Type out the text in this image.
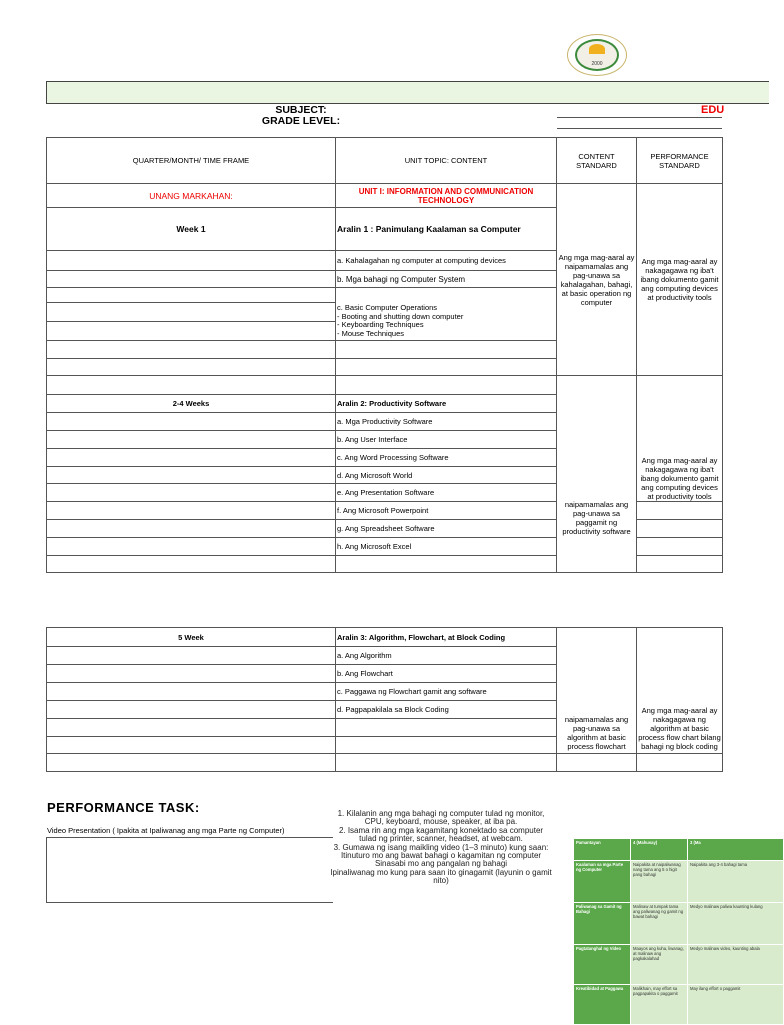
2000
EDU
SUBJECT:
GRADE LEVEL:
QUARTER/MONTH/ TIME FRAME	UNIT TOPIC: CONTENT	CONTENT STANDARD	PERFORMANCE STANDARD
UNANG MARKAHAN:	UNIT I: INFORMATION AND COMMUNICATION TECHNOLOGY	Ang mga mag-aaral ay naipamamalas ang pag-unawa sa kahalagahan, bahagi, at basic operation ng computer	Ang mga mag-aaral ay nakagagawa ng iba't ibang dokumento gamit ang computing devices at productivity tools
Week 1	Aralin 1 : Panimulang Kaalaman sa Computer		
	a. Kahalagahan ng computer at computing devices		
	b. Mga bahagi ng Computer System		

	c. Basic Computer Operations
- Booting and shutting down computer
- Keyboarding Techniques
- Mouse Techniques		

		naipamamalas ang pag-unawa sa paggamit ng productivity software	Ang mga mag-aaral ay nakagagawa ng iba't ibang dokumento gamit ang computing devices at productivity tools
2-4 Weeks	Aralin 2: Productivity Software		
	a. Mga Productivity Software		
	b. Ang User Interface		
	c. Ang Word Processing Software		
	d. Ang Microsoft World		
	e. Ang Presentation Software		
	f. Ang Microsoft Powerpoint		
	g. Ang Spreadsheet Software		
	h. Ang Microsoft Excel		

5 Week	Aralin 3: Algorithm, Flowchart, at Block Coding	naipamamalas ang pag-unawa sa algorithm at basic process flowchart	Ang mga mag-aaral ay nakagagawa ng algorithm at basic process flow chart bilang bahagi ng block coding
	a. Ang Algorithm		
	b. Ang Flowchart		
	c. Paggawa ng Flowchart gamit ang software		
	d. Pagpapakilala sa Block Coding		

PERFORMANCE TASK:
Video Presentation ( Ipakita at Ipaliwanag ang mga Parte ng Computer)
1. Kilalanin ang mga bahagi ng computer tulad ng monitor, CPU, keyboard, mouse, speaker, at iba pa.
2. Isama rin ang mga kagamitang konektado sa computer tulad ng printer, scanner, headset, at webcam.
3. Gumawa ng isang maikling video (1–3 minuto) kung saan:
Itinuturo mo ang bawat bahagi o kagamitan ng computer
Sinasabi mo ang pangalan ng bahagi
Ipinaliwanag mo kung para saan ito ginagamit (layunin o gamit nito)
Pamantayan	4 (Mahusay)	3 (Ma
Kaalaman sa mga Parte ng Computer	Naipakita at naipaliwanag nang tama ang 5 o higit pang bahagi	Naipakita ang 3-4 bahagi tama
Paliwanag sa Gamit ng Bahagi	Malinaw at tumpak tama ang paliwanag ng gamit ng bawat bahagi	Medyo malinaw paliwa kaunting kulang
Pagtatanghal ng Video	Maayos ang kuha, liwanag, at malinaw ang pagkakalahad	Medyo malinaw video, kaunting abala
Kreatibidad at Paggawa	Malikhain, may effort sa pagpapakita o paggamit	May ilang effort o paggamit
